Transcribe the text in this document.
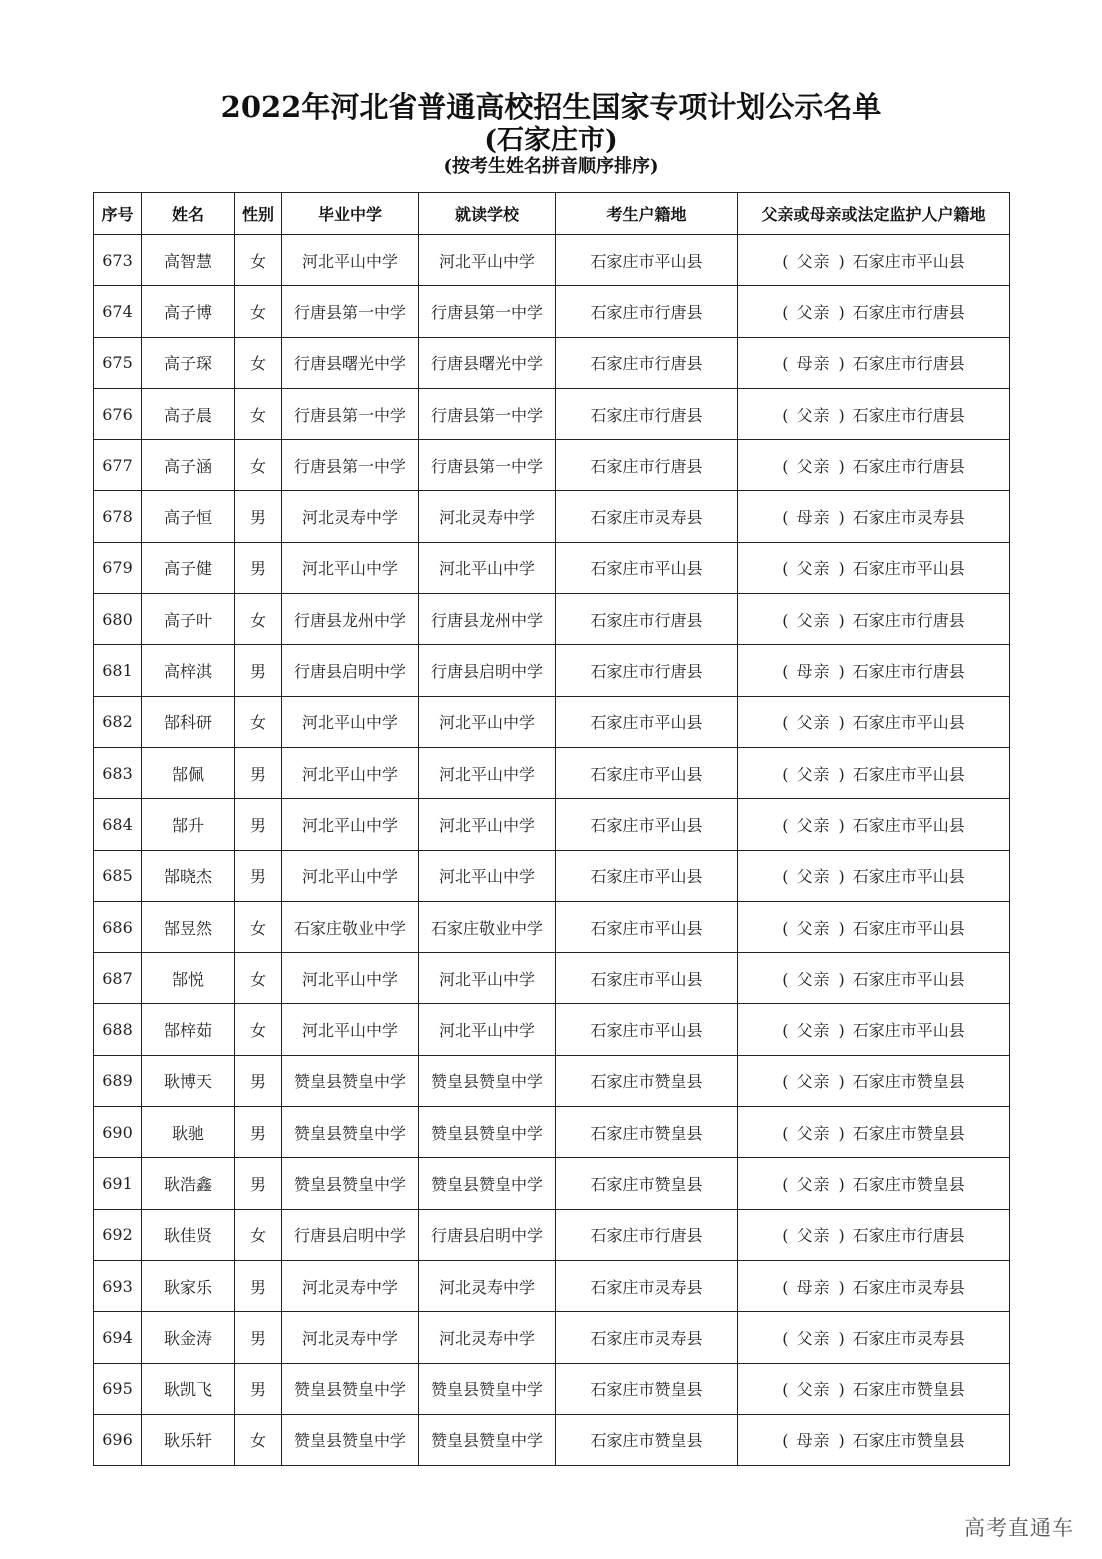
2022年河北省普通高校招生国家专项计划公示名单
(石家庄市)
(按考生姓名拼音顺序排序)
序号	姓名	性别	毕业中学	就读学校	考生户籍地	父亲或母亲或法定监护人户籍地
673	高智慧	女	河北平山中学	河北平山中学	石家庄市平山县	( 父亲 ) 石家庄市平山县
674	高子博	女	行唐县第一中学	行唐县第一中学	石家庄市行唐县	( 父亲 ) 石家庄市行唐县
675	高子琛	女	行唐县曙光中学	行唐县曙光中学	石家庄市行唐县	( 母亲 ) 石家庄市行唐县
676	高子晨	女	行唐县第一中学	行唐县第一中学	石家庄市行唐县	( 父亲 ) 石家庄市行唐县
677	高子涵	女	行唐县第一中学	行唐县第一中学	石家庄市行唐县	( 父亲 ) 石家庄市行唐县
678	高子恒	男	河北灵寿中学	河北灵寿中学	石家庄市灵寿县	( 母亲 ) 石家庄市灵寿县
679	高子健	男	河北平山中学	河北平山中学	石家庄市平山县	( 父亲 ) 石家庄市平山县
680	高子叶	女	行唐县龙州中学	行唐县龙州中学	石家庄市行唐县	( 父亲 ) 石家庄市行唐县
681	高梓淇	男	行唐县启明中学	行唐县启明中学	石家庄市行唐县	( 母亲 ) 石家庄市行唐县
682	郜科研	女	河北平山中学	河北平山中学	石家庄市平山县	( 父亲 ) 石家庄市平山县
683	郜佩	男	河北平山中学	河北平山中学	石家庄市平山县	( 父亲 ) 石家庄市平山县
684	郜升	男	河北平山中学	河北平山中学	石家庄市平山县	( 父亲 ) 石家庄市平山县
685	郜晓杰	男	河北平山中学	河北平山中学	石家庄市平山县	( 父亲 ) 石家庄市平山县
686	郜昱然	女	石家庄敬业中学	石家庄敬业中学	石家庄市平山县	( 父亲 ) 石家庄市平山县
687	郜悦	女	河北平山中学	河北平山中学	石家庄市平山县	( 父亲 ) 石家庄市平山县
688	郜梓茹	女	河北平山中学	河北平山中学	石家庄市平山县	( 父亲 ) 石家庄市平山县
689	耿博天	男	赞皇县赞皇中学	赞皇县赞皇中学	石家庄市赞皇县	( 父亲 ) 石家庄市赞皇县
690	耿驰	男	赞皇县赞皇中学	赞皇县赞皇中学	石家庄市赞皇县	( 父亲 ) 石家庄市赞皇县
691	耿浩鑫	男	赞皇县赞皇中学	赞皇县赞皇中学	石家庄市赞皇县	( 父亲 ) 石家庄市赞皇县
692	耿佳贤	女	行唐县启明中学	行唐县启明中学	石家庄市行唐县	( 父亲 ) 石家庄市行唐县
693	耿家乐	男	河北灵寿中学	河北灵寿中学	石家庄市灵寿县	( 母亲 ) 石家庄市灵寿县
694	耿金涛	男	河北灵寿中学	河北灵寿中学	石家庄市灵寿县	( 父亲 ) 石家庄市灵寿县
695	耿凯飞	男	赞皇县赞皇中学	赞皇县赞皇中学	石家庄市赞皇县	( 父亲 ) 石家庄市赞皇县
696	耿乐轩	女	赞皇县赞皇中学	赞皇县赞皇中学	石家庄市赞皇县	( 母亲 ) 石家庄市赞皇县
高考直通车
